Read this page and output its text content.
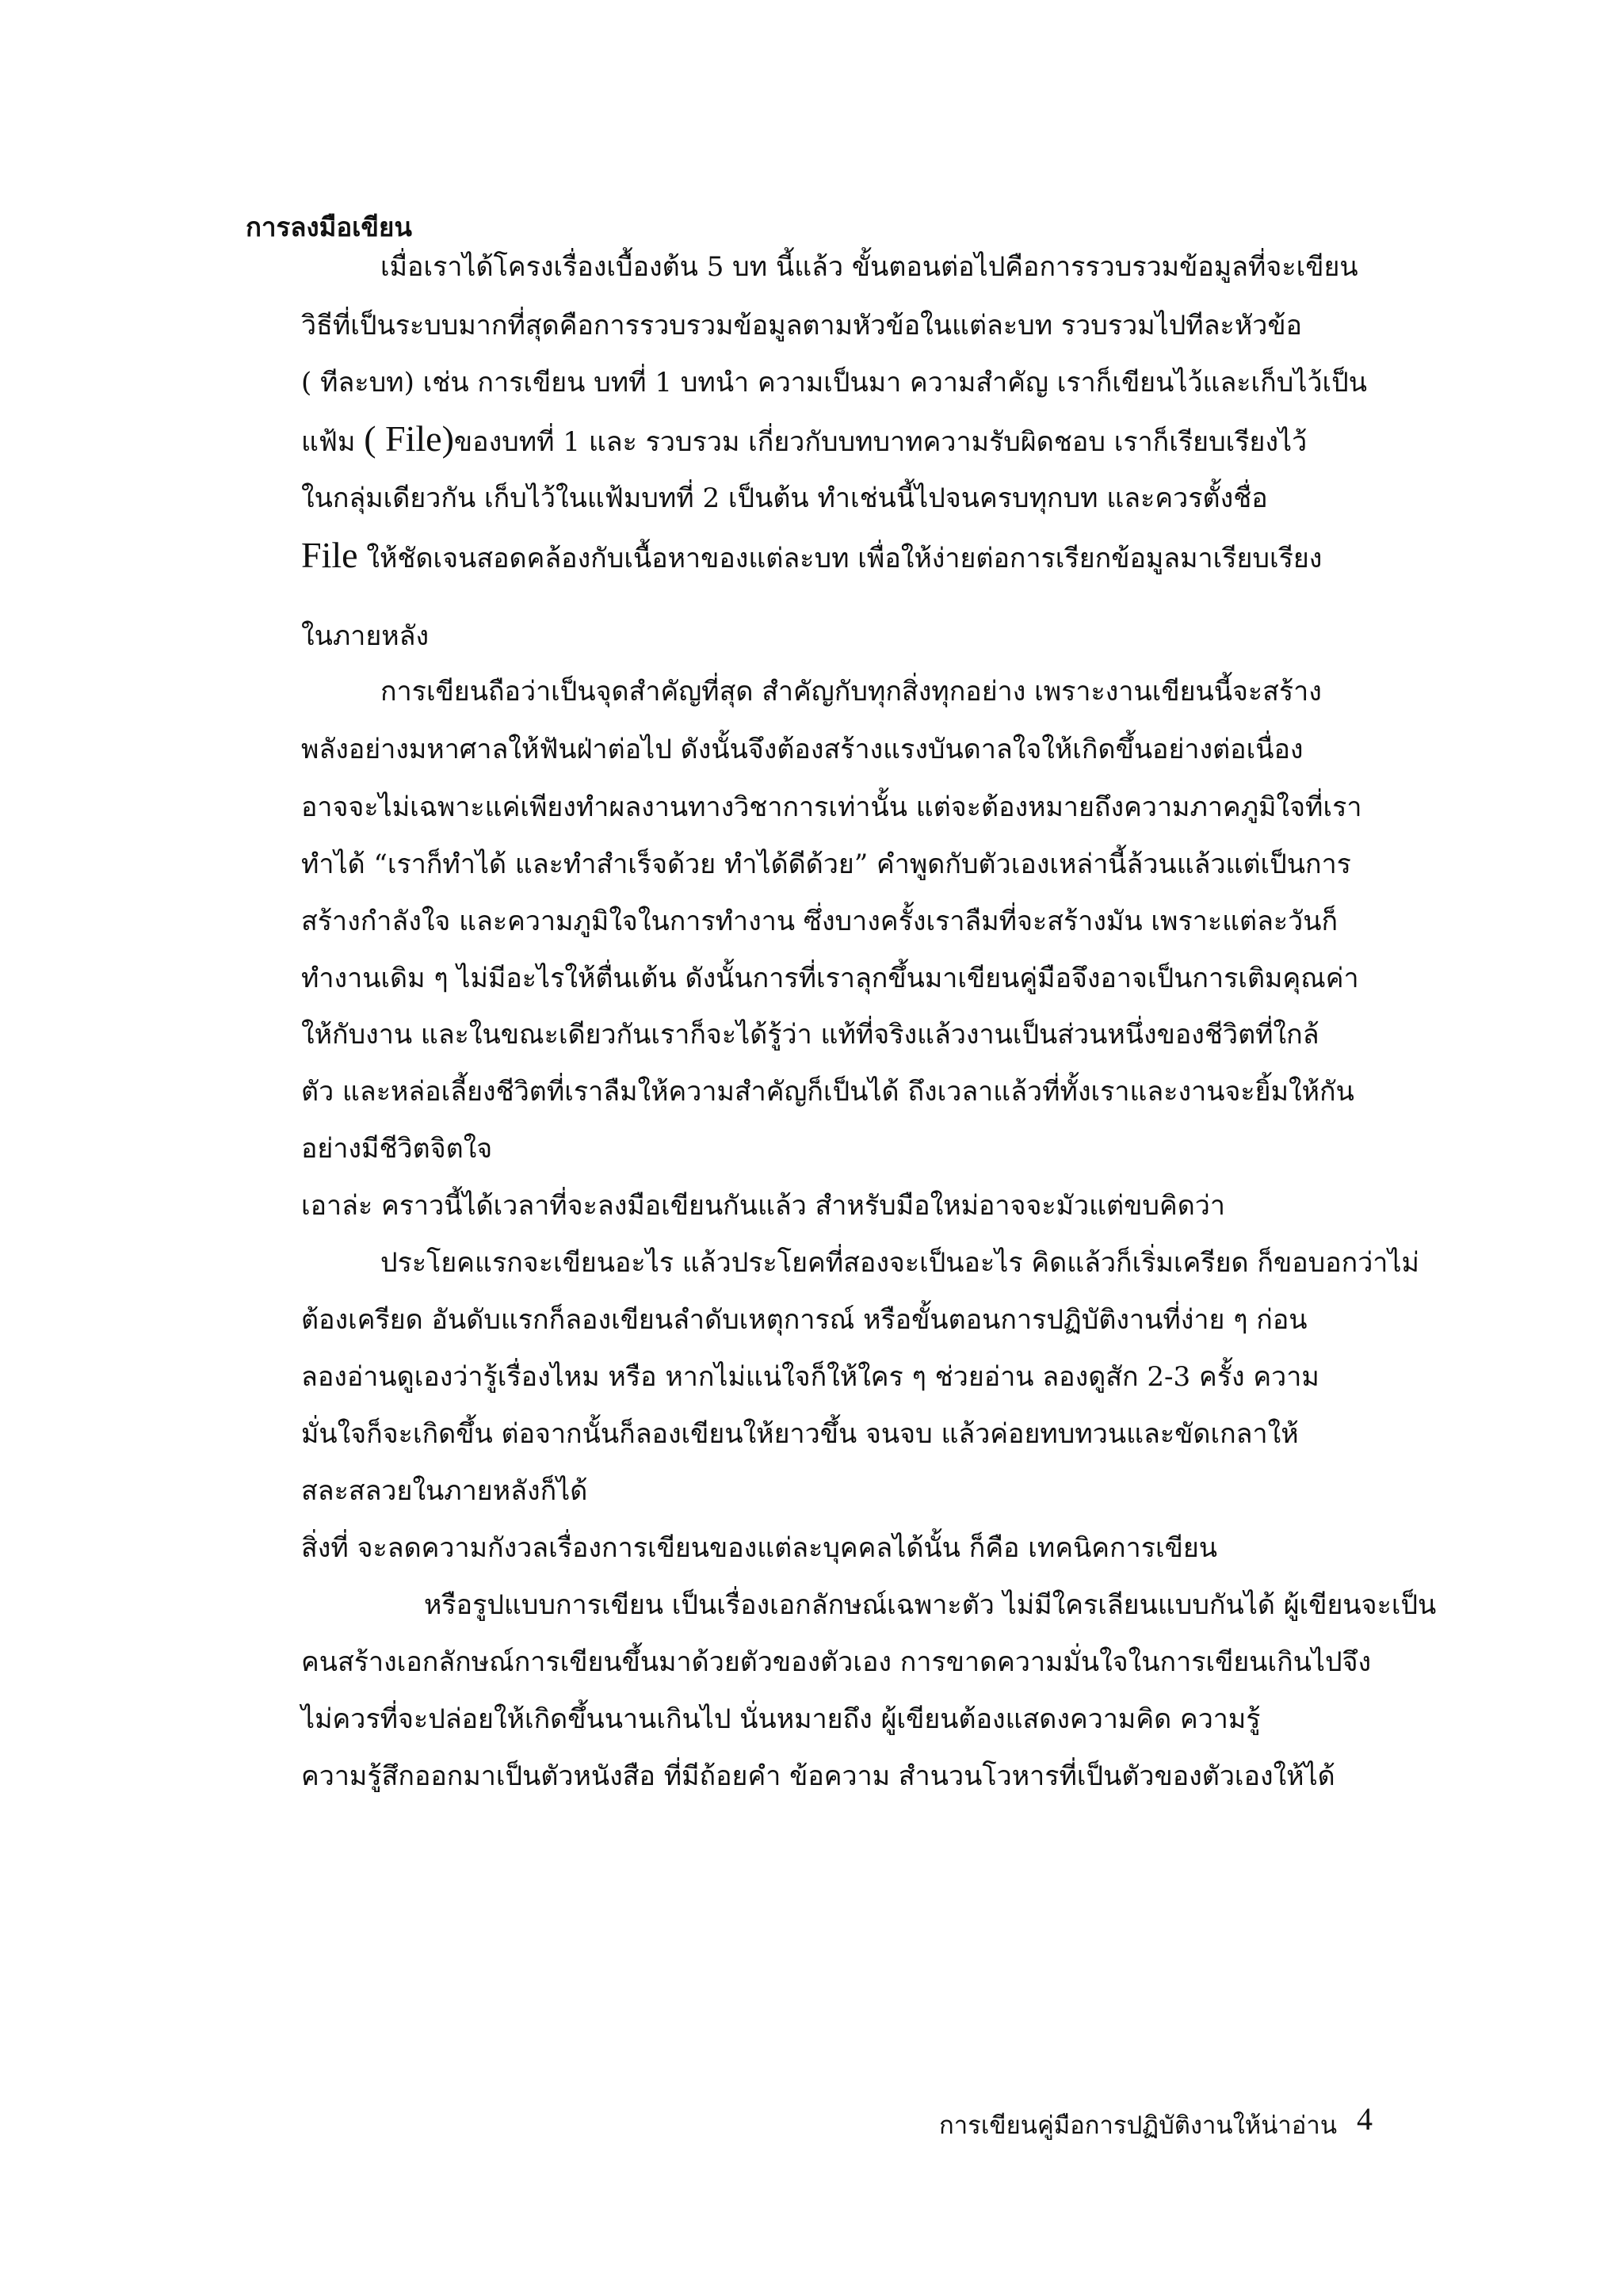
การลงมือเขียน
เมื่อเราได้โครงเรื่องเบื้องต้น 5 บท นี้แล้ว ขั้นตอนต่อไปคือการรวบรวมข้อมูลที่จะเขียน
วิธีที่เป็นระบบมากที่สุดคือการรวบรวมข้อมูลตามหัวข้อในแต่ละบท รวบรวมไปทีละหัวข้อ
( ทีละบท) เช่น การเขียน บทที่ 1 บทนำ ความเป็นมา ความสำคัญ เราก็เขียนไว้และเก็บไว้เป็น
แฟ้ม ( File)ของบทที่ 1 และ รวบรวม เกี่ยวกับบทบาทความรับผิดชอบ เราก็เรียบเรียงไว้
ในกลุ่มเดียวกัน เก็บไว้ในแฟ้มบทที่ 2 เป็นต้น ทำเช่นนี้ไปจนครบทุกบท และควรตั้งชื่อ
File ให้ชัดเจนสอดคล้องกับเนื้อหาของแต่ละบท เพื่อให้ง่ายต่อการเรียกข้อมูลมาเรียบเรียง
ในภายหลัง
การเขียนถือว่าเป็นจุดสำคัญที่สุด สำคัญกับทุกสิ่งทุกอย่าง เพราะงานเขียนนี้จะสร้าง
พลังอย่างมหาศาลให้ฟันฝ่าต่อไป ดังนั้นจึงต้องสร้างแรงบันดาลใจให้เกิดขึ้นอย่างต่อเนื่อง
อาจจะไม่เฉพาะแค่เพียงทำผลงานทางวิชาการเท่านั้น แต่จะต้องหมายถึงความภาคภูมิใจที่เรา
ทำได้ “เราก็ทำได้ และทำสำเร็จด้วย ทำได้ดีด้วย” คำพูดกับตัวเองเหล่านี้ล้วนแล้วแต่เป็นการ
สร้างกำลังใจ และความภูมิใจในการทำงาน ซึ่งบางครั้งเราลืมที่จะสร้างมัน เพราะแต่ละวันก็
ทำงานเดิม ๆ ไม่มีอะไรให้ตื่นเต้น ดังนั้นการที่เราลุกขึ้นมาเขียนคู่มือจึงอาจเป็นการเติมคุณค่า
ให้กับงาน และในขณะเดียวกันเราก็จะได้รู้ว่า แท้ที่จริงแล้วงานเป็นส่วนหนึ่งของชีวิตที่ใกล้
ตัว และหล่อเลี้ยงชีวิตที่เราลืมให้ความสำคัญก็เป็นได้ ถึงเวลาแล้วที่ทั้งเราและงานจะยิ้มให้กัน
อย่างมีชีวิตจิตใจ
เอาล่ะ คราวนี้ได้เวลาที่จะลงมือเขียนกันแล้ว สำหรับมือใหม่อาจจะมัวแต่ขบคิดว่า
ประโยคแรกจะเขียนอะไร แล้วประโยคที่สองจะเป็นอะไร คิดแล้วก็เริ่มเครียด ก็ขอบอกว่าไม่
ต้องเครียด อันดับแรกก็ลองเขียนลำดับเหตุการณ์ หรือขั้นตอนการปฏิบัติงานที่ง่าย ๆ ก่อน
ลองอ่านดูเองว่ารู้เรื่องไหม หรือ หากไม่แน่ใจก็ให้ใคร ๆ ช่วยอ่าน ลองดูสัก 2-3 ครั้ง ความ
มั่นใจก็จะเกิดขึ้น ต่อจากนั้นก็ลองเขียนให้ยาวขึ้น จนจบ แล้วค่อยทบทวนและขัดเกลาให้
สละสลวยในภายหลังก็ได้
สิ่งที่ จะลดความกังวลเรื่องการเขียนของแต่ละบุคคลได้นั้น ก็คือ เทคนิคการเขียน
หรือรูปแบบการเขียน เป็นเรื่องเอกลักษณ์เฉพาะตัว ไม่มีใครเลียนแบบกันได้ ผู้เขียนจะเป็น
คนสร้างเอกลักษณ์การเขียนขึ้นมาด้วยตัวของตัวเอง การขาดความมั่นใจในการเขียนเกินไปจึง
ไม่ควรที่จะปล่อยให้เกิดขึ้นนานเกินไป นั่นหมายถึง ผู้เขียนต้องแสดงความคิด ความรู้
ความรู้สึกออกมาเป็นตัวหนังสือ ที่มีถ้อยคำ ข้อความ สำนวนโวหารที่เป็นตัวของตัวเองให้ได้
การเขียนคู่มือการปฏิบัติงานให้น่าอ่าน 4
